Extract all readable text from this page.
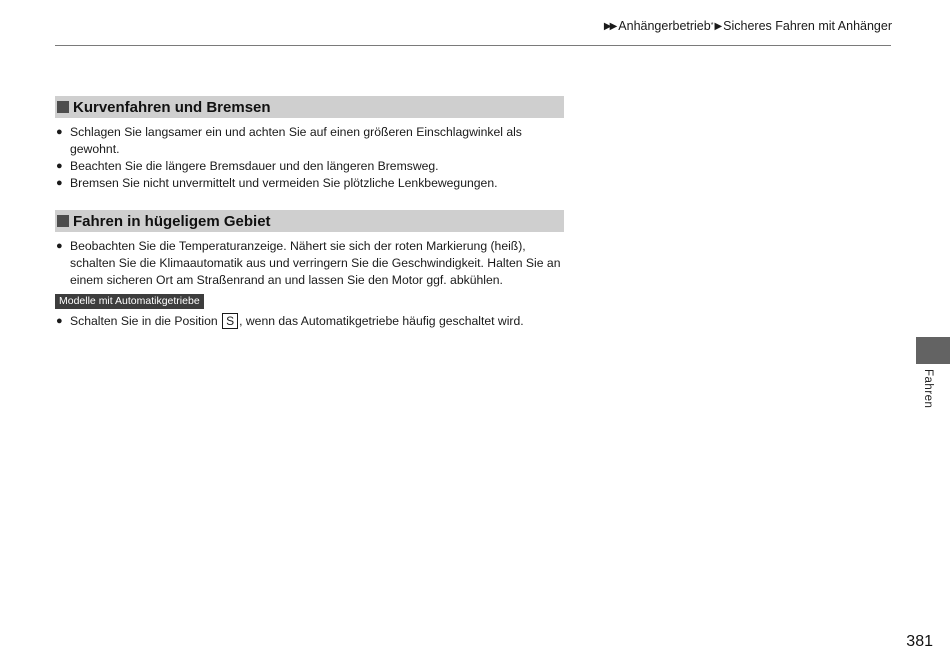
▶▶ Anhängerbetrieb* ▶ Sicheres Fahren mit Anhänger
Kurvenfahren und Bremsen
● Schlagen Sie langsamer ein und achten Sie auf einen größeren Einschlagwinkel als gewohnt.
● Beachten Sie die längere Bremsdauer und den längeren Bremsweg.
● Bremsen Sie nicht unvermittelt und vermeiden Sie plötzliche Lenkbewegungen.
Fahren in hügeligem Gebiet
● Beobachten Sie die Temperaturanzeige. Nähert sie sich der roten Markierung (heiß), schalten Sie die Klimaautomatik aus und verringern Sie die Geschwindigkeit. Halten Sie an einem sicheren Ort am Straßenrand an und lassen Sie den Motor ggf. abkühlen.
Modelle mit Automatikgetriebe
● Schalten Sie in die Position S , wenn das Automatikgetriebe häufig geschaltet wird.
Fahren
381
